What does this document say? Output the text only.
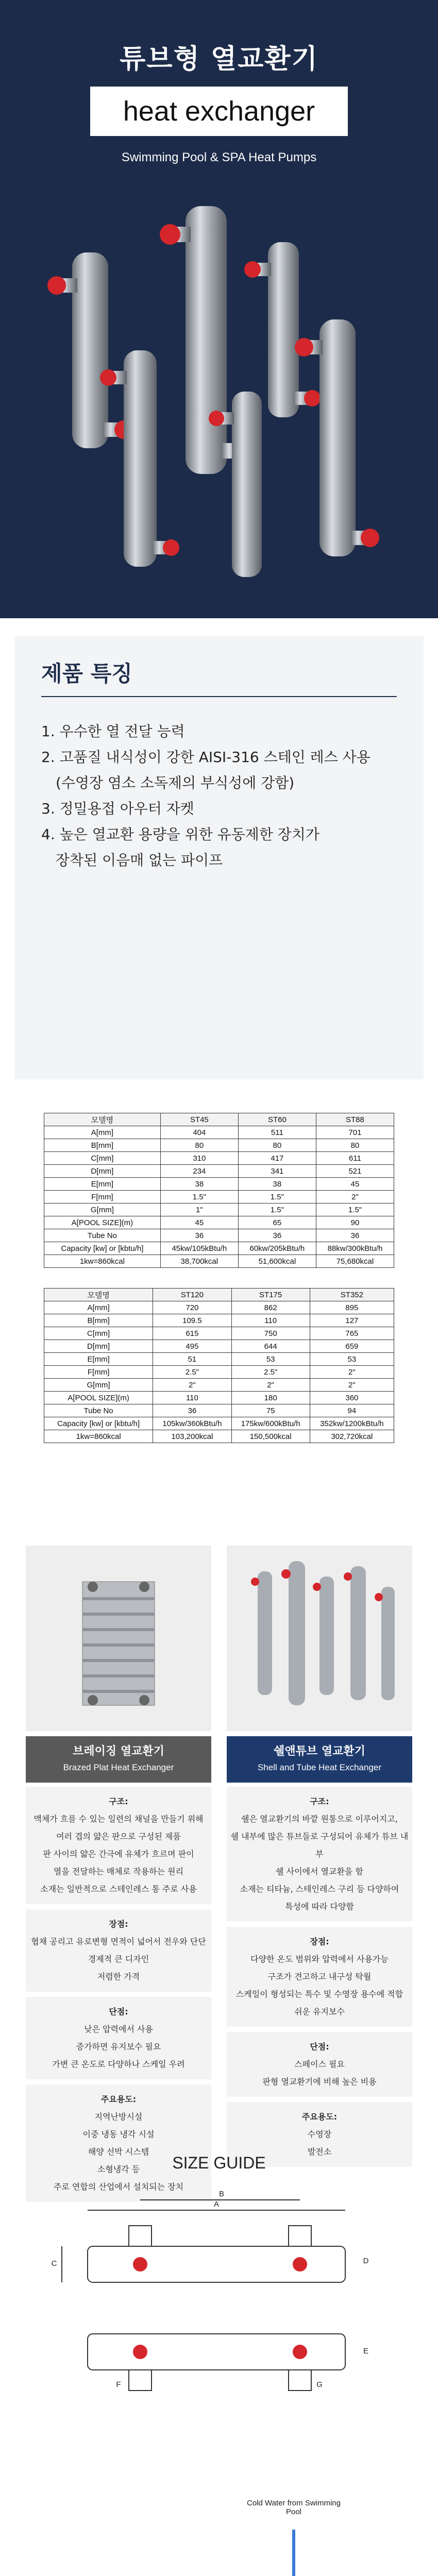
튜브형 열교환기
heat exchanger
Swimming Pool & SPA Heat Pumps
제품 특징
1. 우수한 열 전달 능력
2. 고품질 내식성이 강한 AISI-316 스테인 레스 사용
(수영장 염소 소독제의 부식성에 강함)
3. 정밀용접 아우터 자켓
4. 높은 열교환 용량을 위한 유동제한 장치가
장착된 이음매 없는 파이프
모델명	ST45	ST60	ST88
A[mm]	404	511	701
B[mm]	80	80	80
C[mm]	310	417	611
D[mm]	234	341	521
E[mm]	38	38	45
F[mm]	1.5"	1.5"	2"
G[mm]	1"	1.5"	1.5"
A[POOL SIZE](m)	45	65	90
Tube No	36	36	36
Capacity [kw] or [kbtu/h]	45kw/105kBtu/h	60kw/205kBtu/h	88kw/300kBtu/h
1kw=860kcal	38,700kcal	51,600kcal	75,680kcal
모델명	ST120	ST175	ST352
A[mm]	720	862	895
B[mm]	109.5	110	127
C[mm]	615	750	765
D[mm]	495	644	659
E[mm]	51	53	53
F[mm]	2.5"	2.5"	2"
G[mm]	2"	2"	2"
A[POOL SIZE](m)	110	180	360
Tube No	36	75	94
Capacity [kw] or [kbtu/h]	105kw/360kBtu/h	175kw/600kBtu/h	352kw/1200kBtu/h
1kw=860kcal	103,200kcal	150,500kcal	302,720kcal
브레이징 열교환기
Brazed Plat Heat Exchanger
쉘앤튜브 열교환기
Shell and Tube Heat Exchanger
구조:
액체가 흐를 수 있는 일련의 채널을 만들기 위해
여러 겹의 얇은 판으로 구성된 제품
판 사이의 얇은 간극에 유체가 흐르며 판이
열을 전달하는 매체로 작용하는 원리
소재는 일반적으로 스테인레스 통 주로 사용
장점:
협채 공리고 유로변형 면적이 넓어서 전우와 단단
경제적 큰 디자인
저렴한 가격
단점:
낮은 압력에서 사용
증가하면 유지보수 필요
가변 큰 온도로 다양하나 스케일 우려
주요용도:
지역난방시설
이중 냉동 냉각 시설
해양 선박 시스템
소형냉각 등
주로 연합의 산업에서 설치되는 장치
구조:
쉘은 열교환기의 바깥 원통으로 이루어지고,
쉘 내부에 많은 튜브들로 구성되어 유체가 튜브 내부
쉘 사이에서 열교환을 함
소재는 티타늄, 스테인레스 구리 등 다양하여
특성에 따라 다양함
장점:
다양한 온도 범위와 압력에서 사용가능
구조가 견고하고 내구성 탁월
스케일이 형성되는 특수 및 수영장 용수에 적합
쉬운 유지보수
단점:
스페이스 필요
판형 열교환기에 비해 높은 비용
주요용도:
수영장
발전소
SIZE GUIDE
A
B
C	D
E
F	G
Cold Water from Swimming Pool
